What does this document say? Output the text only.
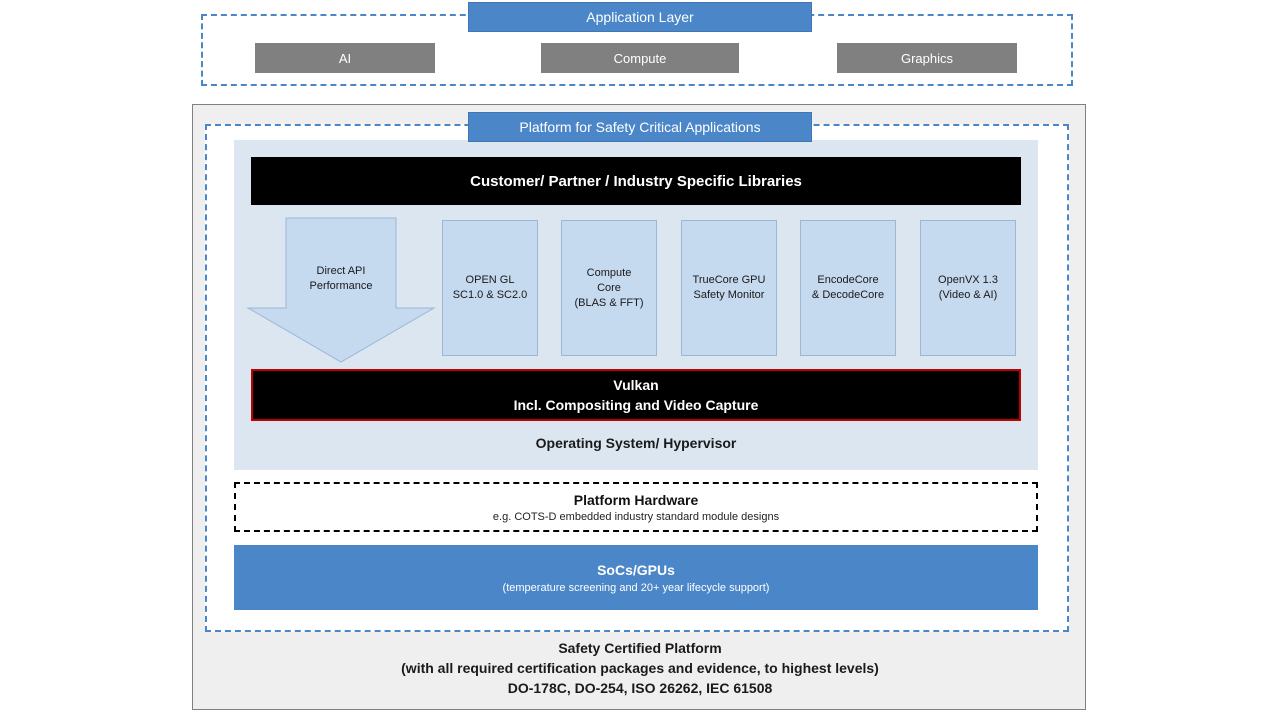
Application Layer
AI	Compute	Graphics
Platform for Safety Critical Applications
Customer/ Partner / Industry Specific Libraries
Direct API
Performance	OPEN GL
SC1.0 & SC2.0
Compute
Core
(BLAS & FFT)
TrueCore GPU
Safety Monitor
EncodeCore
& DecodeCore
OpenVX 1.3
(Video & AI)
Vulkan
Incl. Compositing and Video Capture
Operating System/ Hypervisor
Platform Hardware
e.g. COTS-D embedded industry standard module designs
SoCs/GPUs
(temperature screening and 20+ year lifecycle support)
Safety Certified Platform
(with all required certification packages and evidence, to highest levels)
DO-178C, DO-254, ISO 26262, IEC 61508
